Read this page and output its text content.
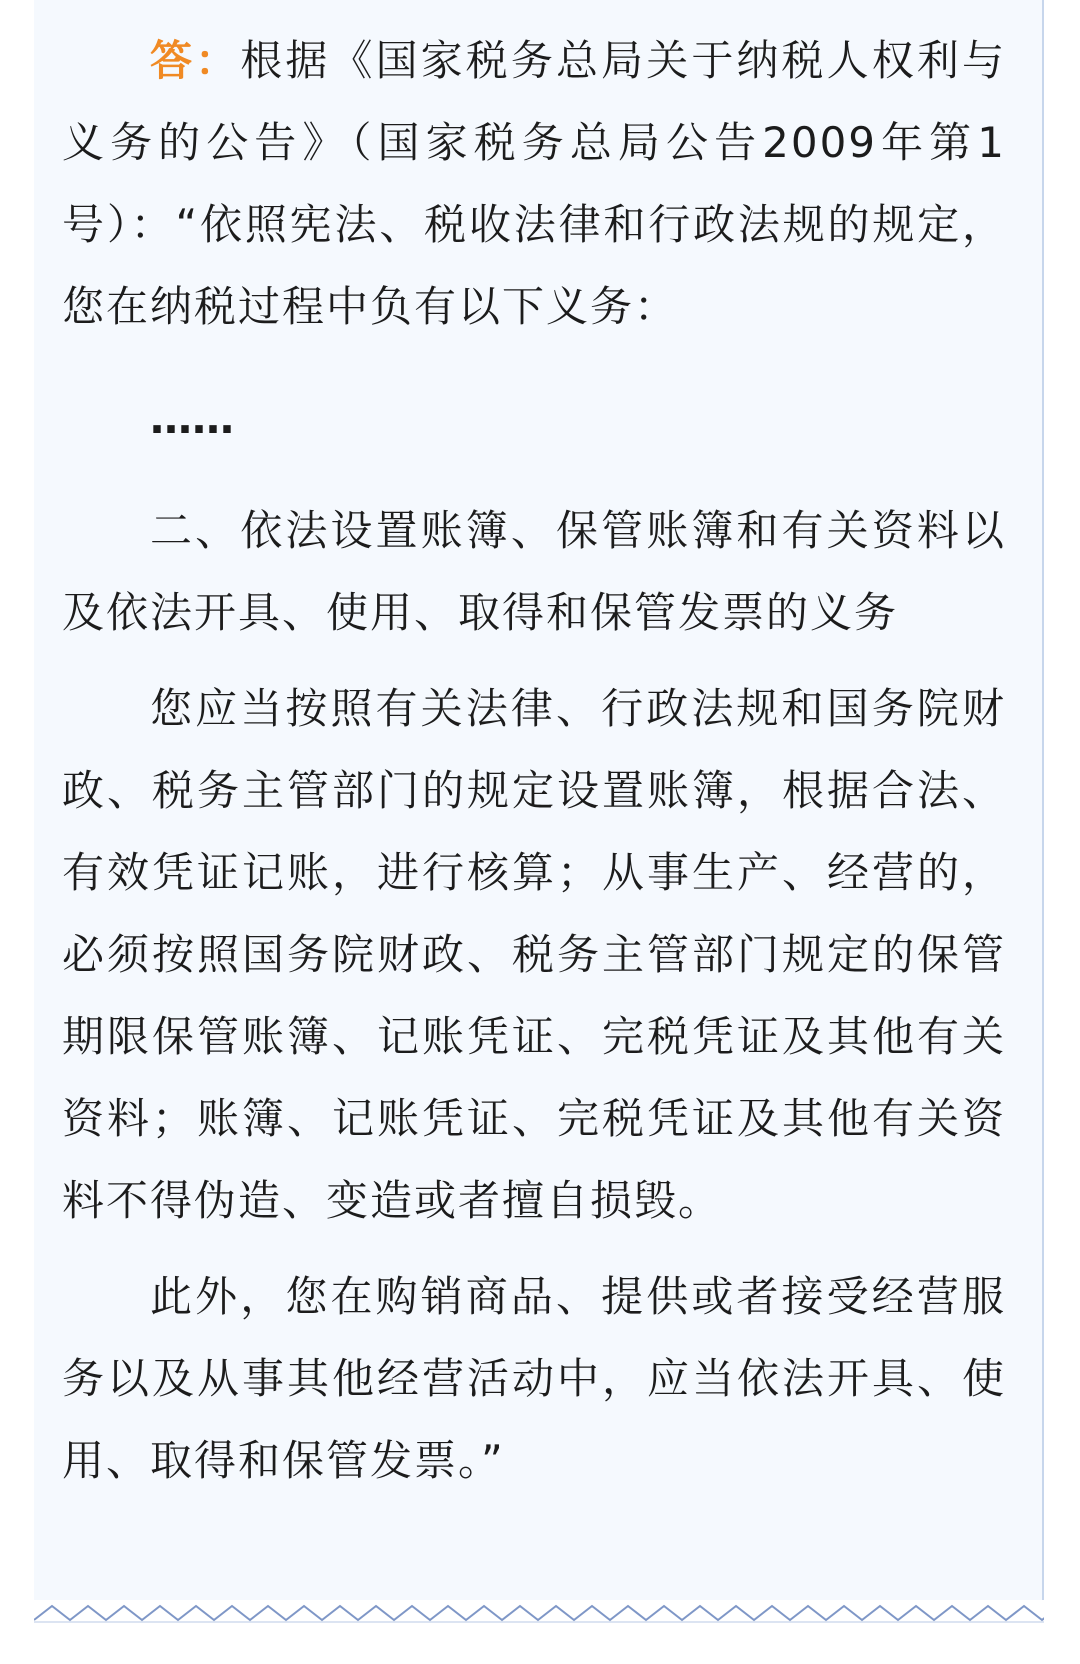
答：根据《国家税务总局关于纳税人权利与义务的公告》（国家税务总局公告2009年第1号）：“依照宪法、税收法律和行政法规的规定，您在纳税过程中负有以下义务：

……

二、依法设置账簿、保管账簿和有关资料以及依法开具、使用、取得和保管发票的义务

您应当按照有关法律、行政法规和国务院财政、税务主管部门的规定设置账簿，根据合法、有效凭证记账，进行核算；从事生产、经营的，必须按照国务院财政、税务主管部门规定的保管期限保管账簿、记账凭证、完税凭证及其他有关资料；账簿、记账凭证、完税凭证及其他有关资料不得伪造、变造或者擅自损毁。

此外，您在购销商品、提供或者接受经营服务以及从事其他经营活动中，应当依法开具、使用、取得和保管发票。”
